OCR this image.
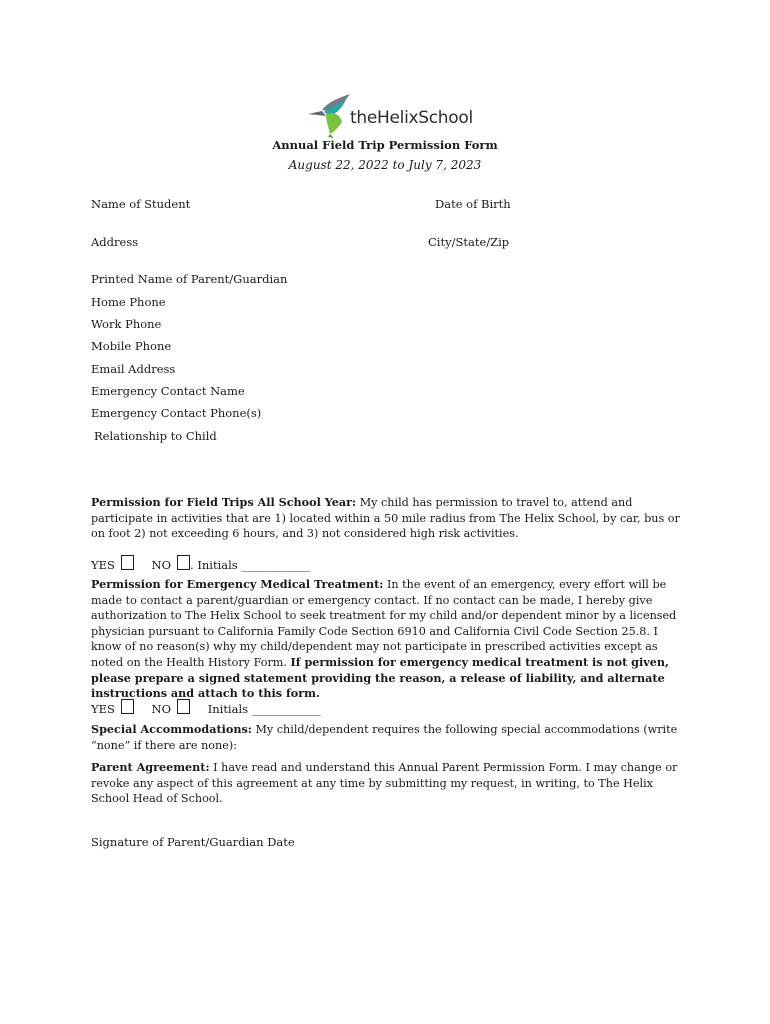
theHelixSchool
Annual Field Trip Permission Form
August 22, 2022 to July 7, 2023
Name of Student	Date of Birth
Address	City/State/Zip
Printed Name of Parent/Guardian
Home Phone
Work Phone
Mobile Phone
Email Address
Emergency Contact Name
Emergency Contact Phone(s)
Relationship to Child
Permission for Field Trips All School Year: My child has permission to travel to, attend and participate in activities that are 1) located within a 50 mile radius from The Helix School, by car, bus or on foot 2) not exceeding 6 hours, and 3) not considered high risk activities.
YES	NO . Initials ____________
Permission for Emergency Medical Treatment: In the event of an emergency, every effort will be made to contact a parent/guardian or emergency contact. If no contact can be made, I hereby give authorization to The Helix School to seek treatment for my child and/or dependent minor by a licensed physician pursuant to California Family Code Section 6910 and California Civil Code Section 25.8. I know of no reason(s) why my child/dependent may not participate in prescribed activities except as noted on the Health History Form. If permission for emergency medical treatment is not given, please prepare a signed statement providing the reason, a release of liability, and alternate instructions and attach to this form.
YES	NO	Initials ____________
Special Accommodations: My child/dependent requires the following special accommodations (write “none” if there are none):
Parent Agreement: I have read and understand this Annual Parent Permission Form. I may change or revoke any aspect of this agreement at any time by submitting my request, in writing, to The Helix School Head of School.
Signature of Parent/Guardian Date
